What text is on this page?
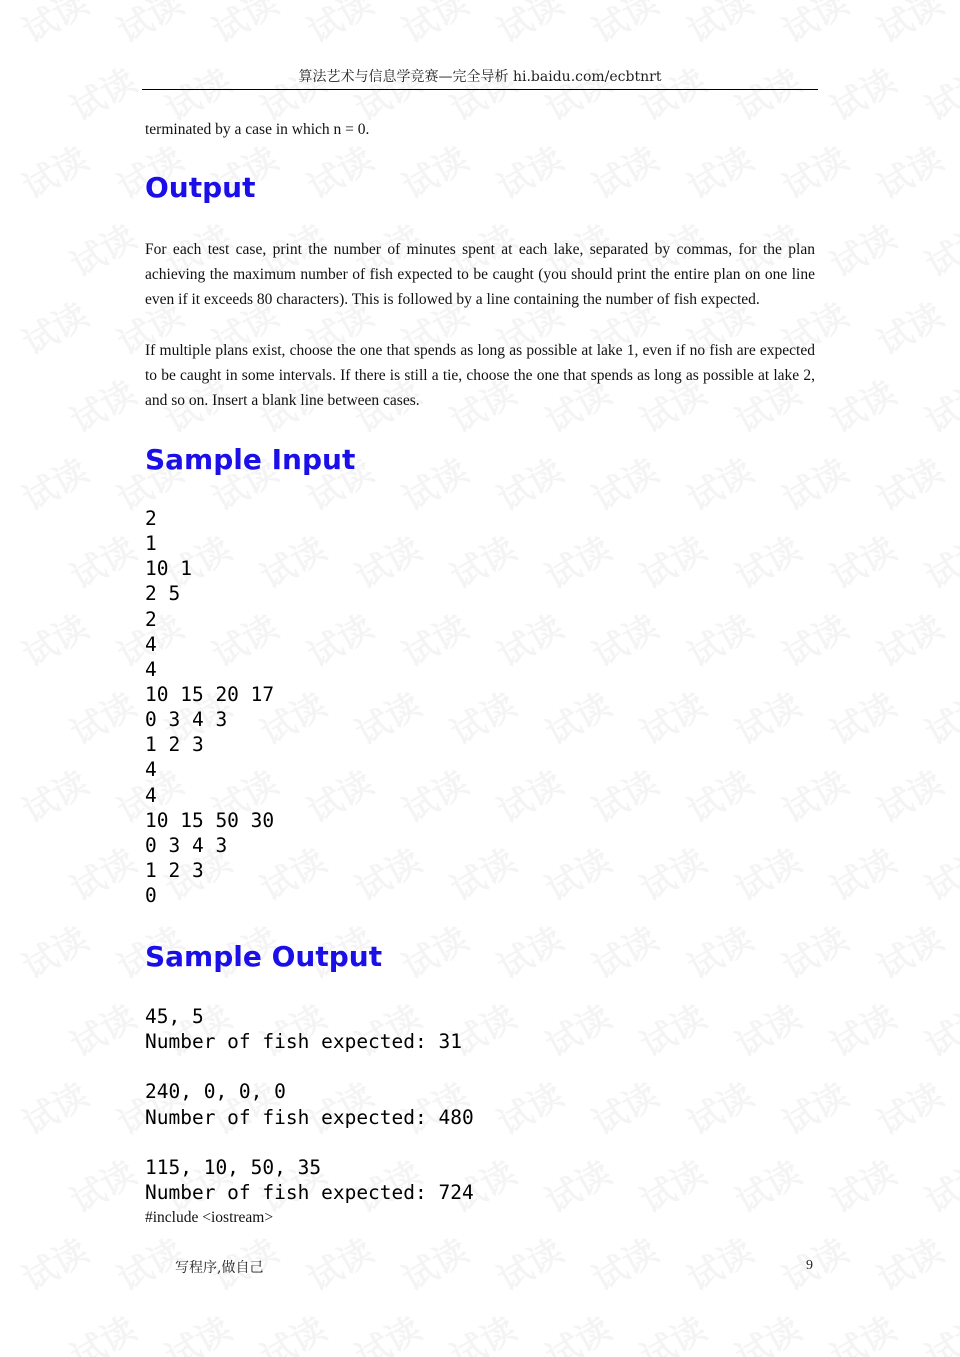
算法艺术与信息学竞赛—完全导析 hi.baidu.com/ecbtnrt

terminated by a case in which n = 0.

Output

For each test case, print the number of minutes spent at each lake, separated by commas, for the plan achieving the maximum number of fish expected to be caught (you should print the entire plan on one line even if it exceeds 80 characters). This is followed by a line containing the number of fish expected.

If multiple plans exist, choose the one that spends as long as possible at lake 1, even if no fish are expected to be caught in some intervals. If there is still a tie, choose the one that spends as long as possible at lake 2, and so on. Insert a blank line between cases.

Sample Input
2
1
10 1
2 5
2
4
4
10 15 20 17
0 3 4 3
1 2 3
4
4
10 15 50 30
0 3 4 3
1 2 3
0
Sample Output
45, 5
Number of fish expected: 31

240, 0, 0, 0
Number of fish expected: 480

115, 10, 50, 35
Number of fish expected: 724
#include <iostream>
写程序,做自己	9
